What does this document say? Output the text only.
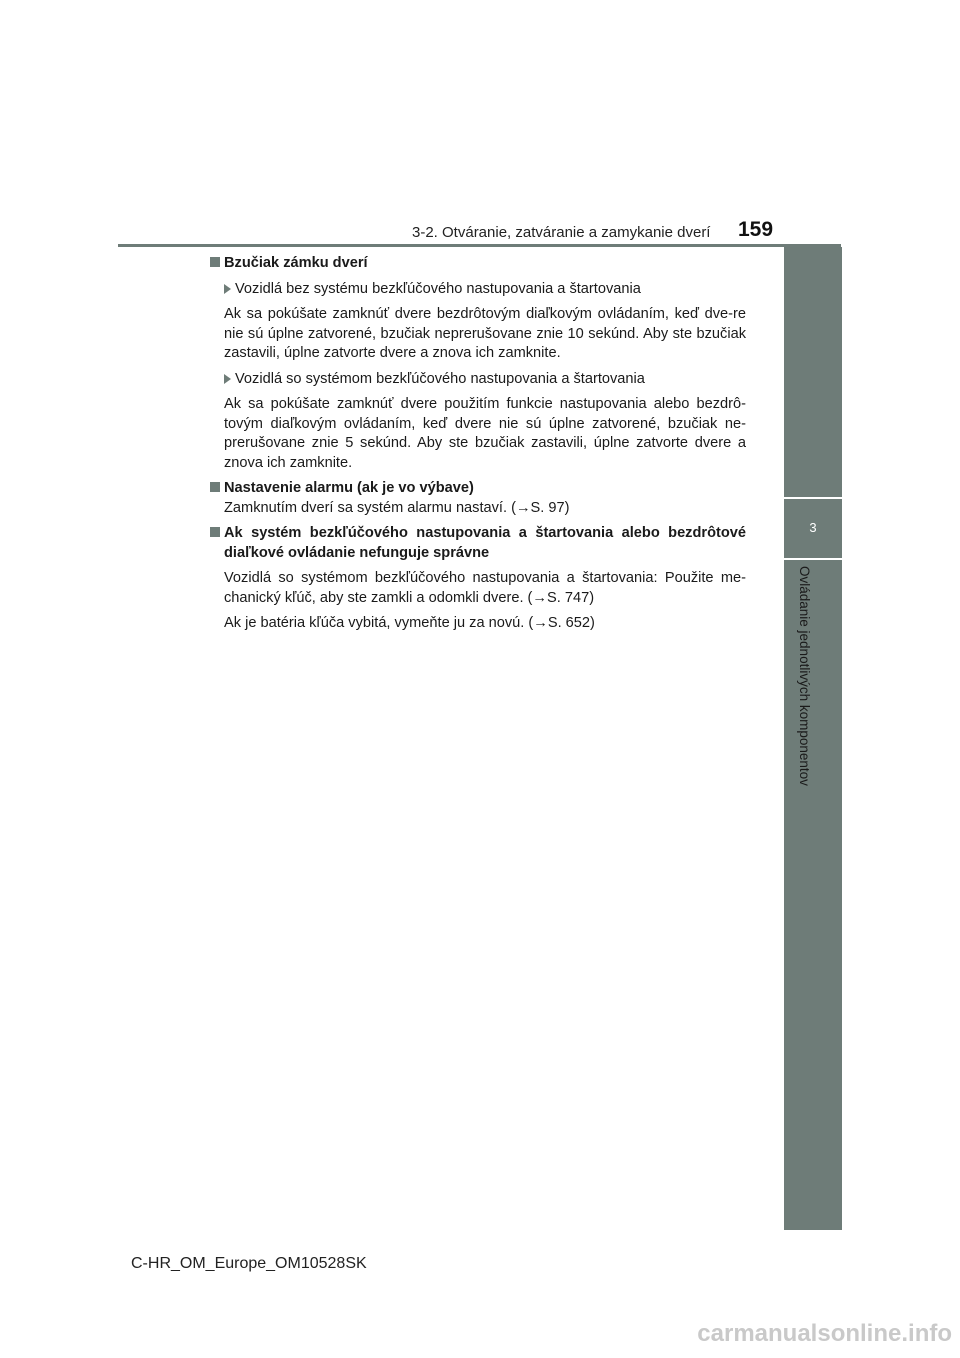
3-2. Otváranie, zatváranie a zamykanie dverí 159
3
Ovládanie jednotlivých komponentov
Bzučiak zámku dverí
Vozidlá bez systému bezkľúčového nastupovania a štartovania
Ak sa pokúšate zamknúť dvere bezdrôtovým diaľkovým ovládaním, keď dve-re nie sú úplne zatvorené, bzučiak neprerušovane znie 10 sekúnd. Aby ste bzučiak zastavili, úplne zatvorte dvere a znova ich zamknite.
Vozidlá so systémom bezkľúčového nastupovania a štartovania
Ak sa pokúšate zamknúť dvere použitím funkcie nastupovania alebo bezdrô-tovým diaľkovým ovládaním, keď dvere nie sú úplne zatvorené, bzučiak ne-prerušovane znie 5 sekúnd. Aby ste bzučiak zastavili, úplne zatvorte dvere a znova ich zamknite.
Nastavenie alarmu (ak je vo výbave)
Zamknutím dverí sa systém alarmu nastaví. (→S. 97)
Ak systém bezkľúčového nastupovania a štartovania alebo bezdrôtové diaľkové ovládanie nefunguje správne
Vozidlá so systémom bezkľúčového nastupovania a štartovania: Použite me-chanický kľúč, aby ste zamkli a odomkli dvere. (→S. 747)
Ak je batéria kľúča vybitá, vymeňte ju za novú. (→S. 652)
C-HR_OM_Europe_OM10528SK
carmanualsonline.info
